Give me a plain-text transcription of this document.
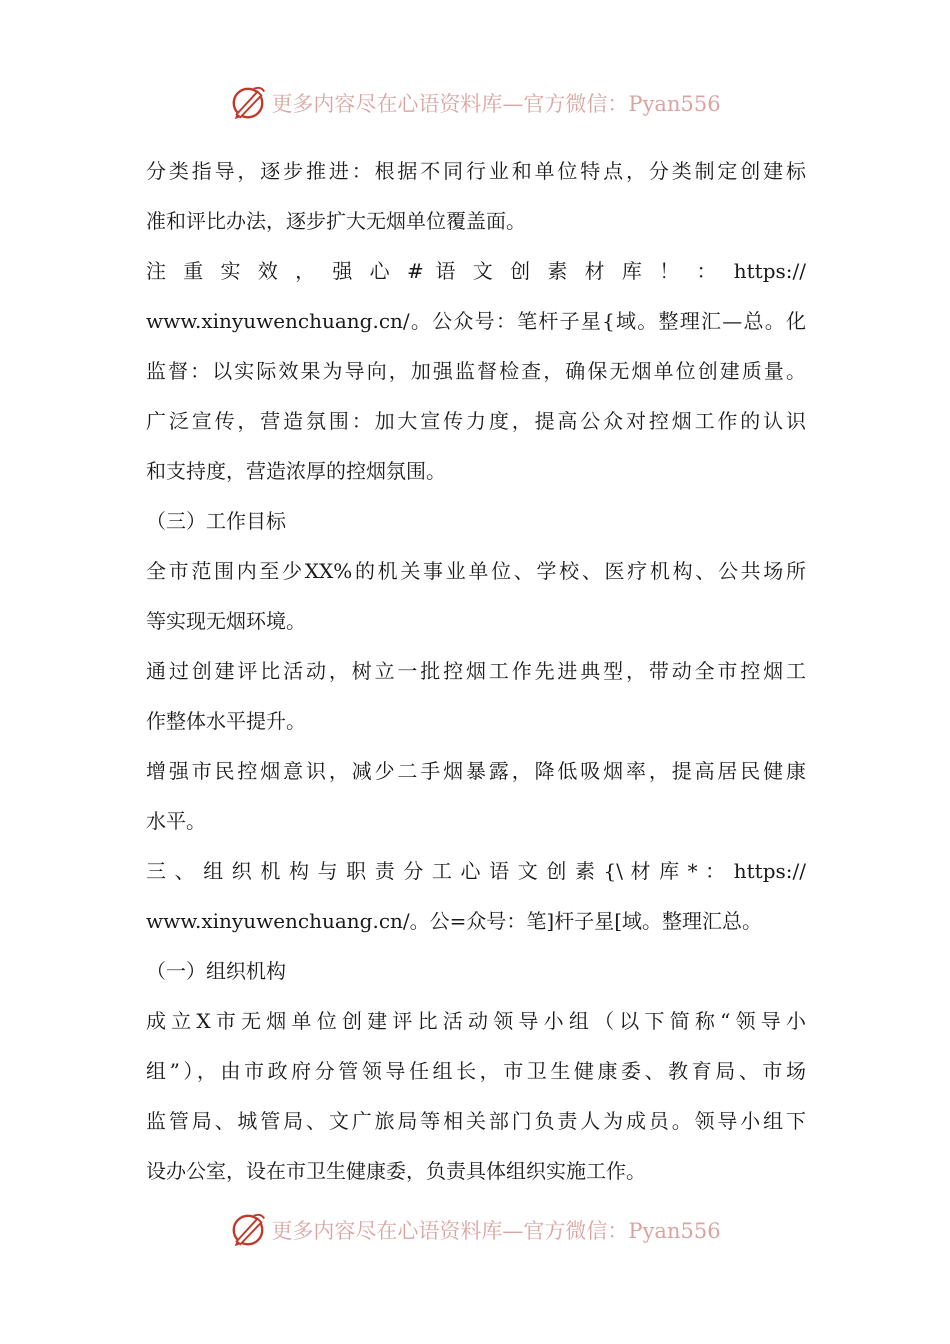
更多内容尽在心语资料库—官方微信：Pyan556
分类指导，逐步推进：根据不同行业和单位特点，分类制定创建标
准和评比办法，逐步扩大无烟单位覆盖面。
注 重 实 效 ， 强 心 # 语 文 创 素 材 库 ！ ： https://
www.xinyuwenchuang.cn/。公众号：笔杆子星{域。整理汇—总。化
监督：以实际效果为导向，加强监督检查，确保无烟单位创建质量。
广泛宣传，营造氛围：加大宣传力度，提高公众对控烟工作的认识
和支持度，营造浓厚的控烟氛围。
（三）工作目标
全市范围内至少XX%的机关事业单位、学校、医疗机构、公共场所
等实现无烟环境。
通过创建评比活动，树立一批控烟工作先进典型，带动全市控烟工
作整体水平提升。
增强市民控烟意识，减少二手烟暴露，降低吸烟率，提高居民健康
水平。
三 、 组 织 机 构 与 职 责 分 工 心 语 文 创 素 {\ 材 库 * ： https://
www.xinyuwenchuang.cn/。公=众号：笔]杆子星[域。整理汇总。
（一）组织机构
成立X市无烟单位创建评比活动领导小组（以下简称“领导小
组”），由市政府分管领导任组长，市卫生健康委、教育局、市场
监管局、城管局、文广旅局等相关部门负责人为成员。领导小组下
设办公室，设在市卫生健康委，负责具体组织实施工作。
更多内容尽在心语资料库—官方微信：Pyan556
